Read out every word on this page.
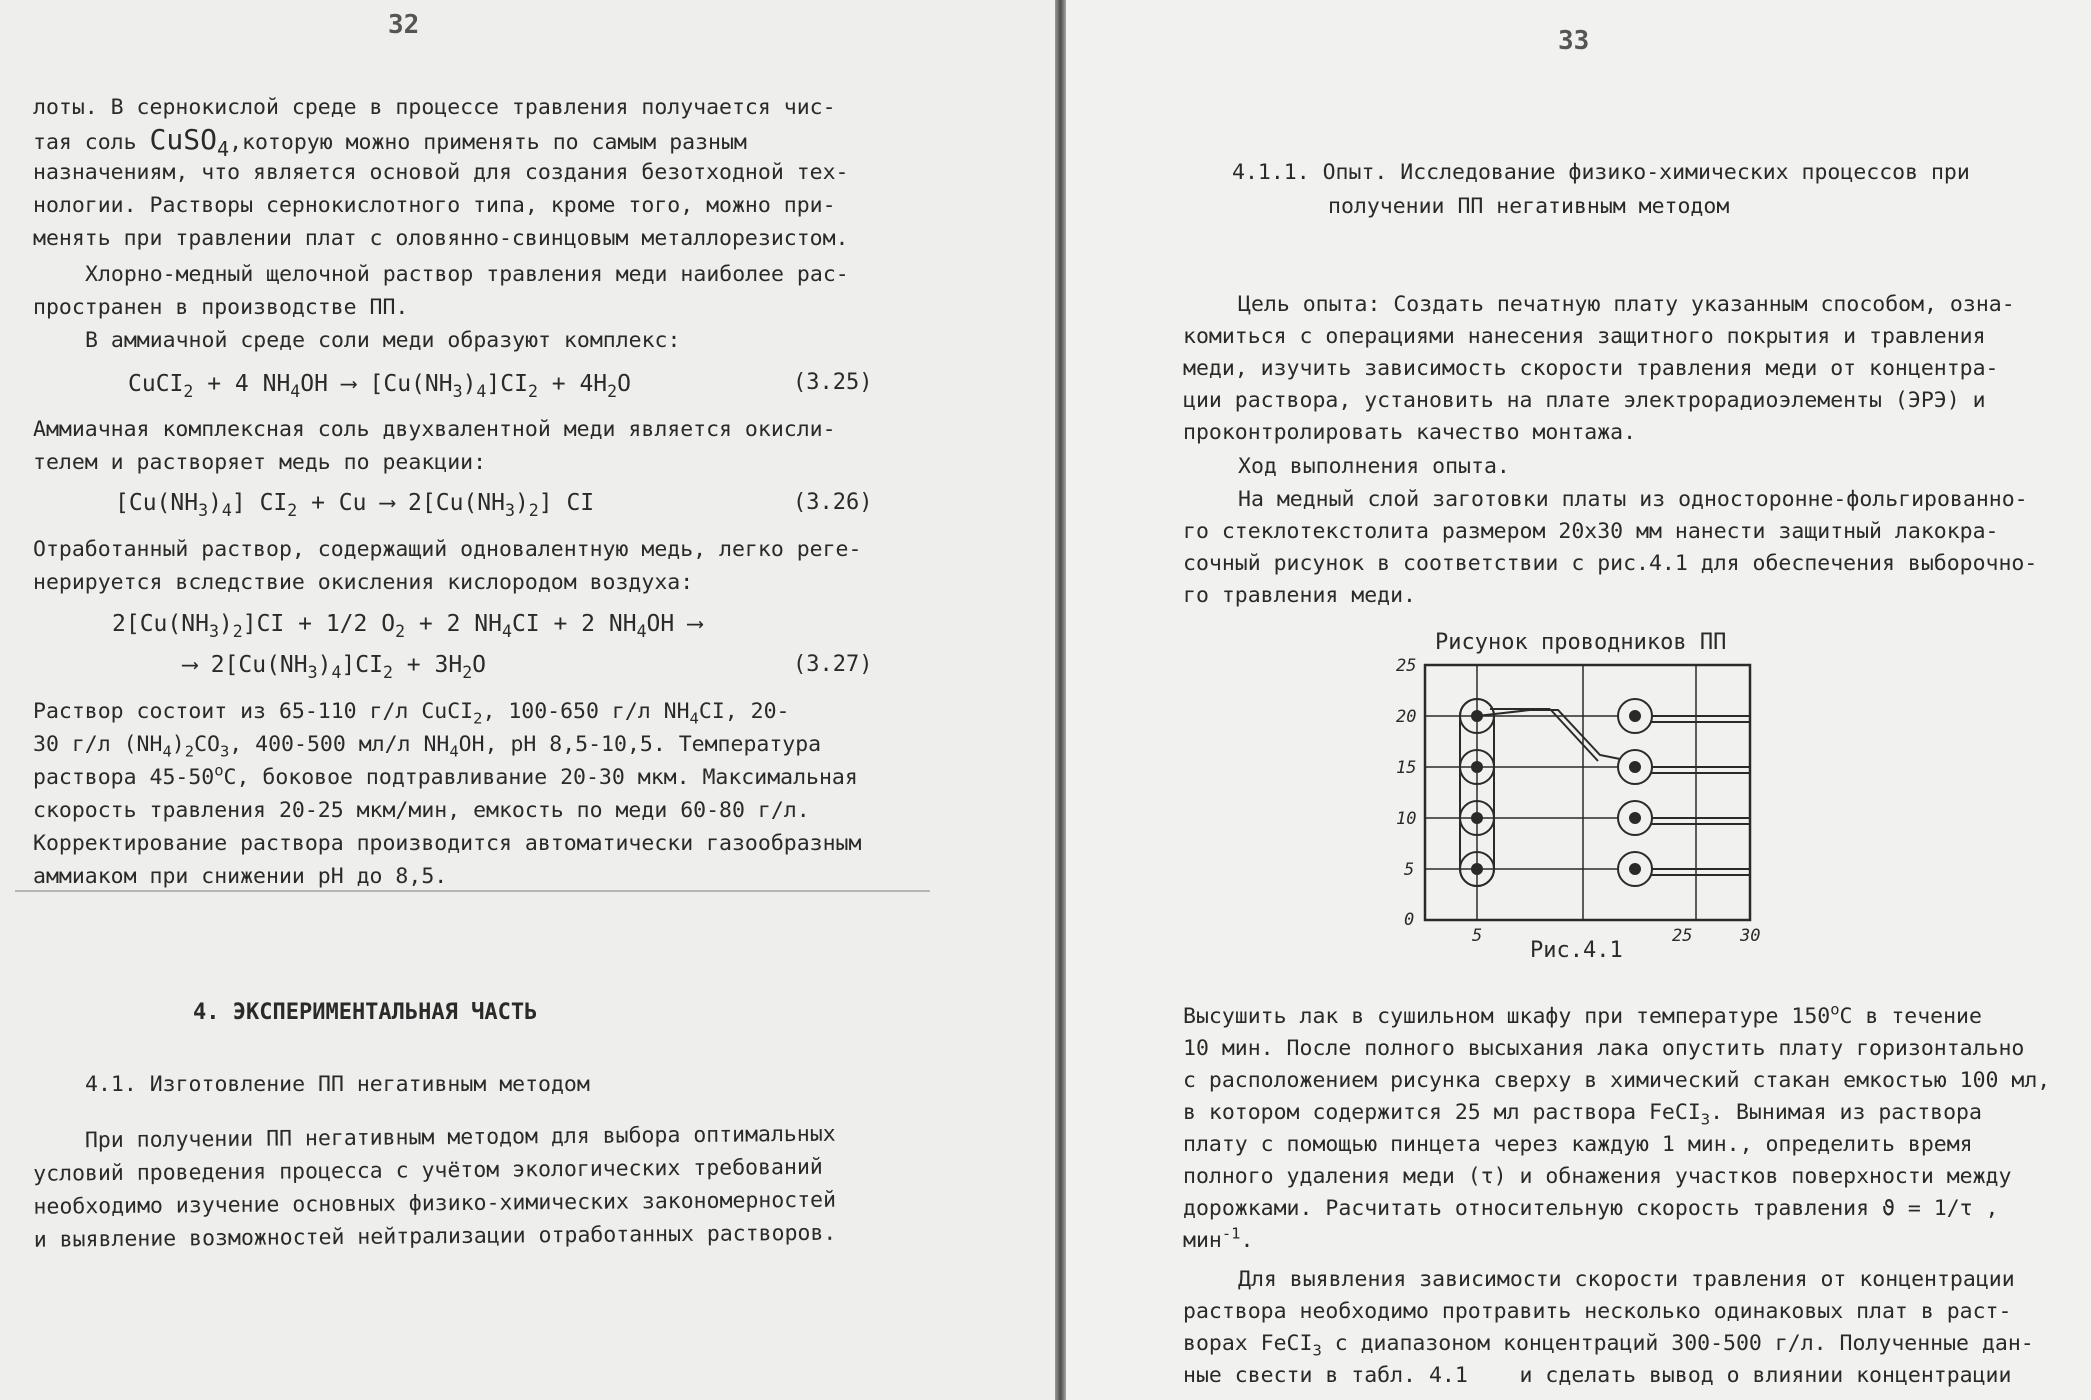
32
лоты. В сернокислой среде в процессе травления получается чис-
тая соль CuSO$_4$,которую можно применять по самым разным
назначениям, что является основой для создания безотходной тех-
нологии. Растворы сернокислотного типа, кроме того, можно при-
менять при травлении плат с оловянно-свинцовым металлорезистом.
Хлорно-медный щелочной раствор травления меди наиболее рас-
пространен в производстве ПП.
В аммиачной среде соли меди образуют комплекс:
CuCI$_2$ + 4 $NH_4OH$ ⟶ $[Cu(NH_3)_4]CI_2 + 4H_2O$	(3.25)
Аммиачная комплексная соль двухвалентной меди является окисли-
телем и растворяет медь по реакции:
$[Cu(NH_3)_4] CI_2 + Cu$ ⟶ $2[Cu(NH_3)_2]$ CI	(3.26)
Отработанный раствор, содержащий одновалентную медь, легко реге-
нерируется вследствие окисления кислородом воздуха:
$2[Cu(NH_3)_2]CI + 1/2$ $O_2 + 2$ $NH_4CI + 2$ $NH_4OH$ ⟶
⟶ $2[Cu(NH_3)_4]CI_2 + 3H_2O$	(3.27)
Раствор состоит из 65-110 г/л CuCI$_2$, 100-650 г/л $NH_4CI$, 20-
30 г/л $(NH_4)_2CO_3$, 400-500 мл/л $NH_4OH$, pH 8,5-10,5. Температура
раствора 45-50$^o$C, боковое подтравливание 20-30 мкм. Максимальная
скорость травления 20-25 мкм/мин, емкость по меди 60-80 г/л.
Корректирование раствора производится автоматически газообразным
аммиаком при снижении pH до 8,5.
4. ЭКСПЕРИМЕНТАЛЬНАЯ ЧАСТЬ
4.1. Изготовление ПП негативным методом
При получении ПП негативным методом для выбора оптимальных
условий проведения процесса с учётом экологических требований
необходимо изучение основных физико-химических закономерностей
и выявление возможностей нейтрализации отработанных растворов.
33
4.1.1. Опыт. Исследование физико-химических процессов при
получении ПП негативным методом
Цель опыта: Создать печатную плату указанным способом, озна-
комиться с операциями нанесения защитного покрытия и травления
меди, изучить зависимость скорости травления меди от концентра-
ции раствора, установить на плате электрорадиоэлементы (ЭРЭ) и
проконтролировать качество монтажа.
Ход выполнения опыта.
На медный слой заготовки платы из односторонне-фольгированно-
го стеклотекстолита размером 20х30 мм нанести защитный лакокра-
сочный рисунок в соответствии с рис.4.1 для обеспечения выборочно-
го травления меди.
Рисунок проводников ПП
25
20
15
10
5
0
5	25	30
Рис.4.1
Высушить лак в сушильном шкафу при температуре 150$^o$C в течение
10 мин. После полного высыхания лака опустить плату горизонтально
с расположением рисунка сверху в химический стакан емкостью 100 мл,
в котором содержится 25 мл раствора FeCI$_3$. Вынимая из раствора
плату с помощью пинцета через каждую 1 мин., определить время
полного удаления меди (τ) и обнажения участков поверхности между
дорожками. Расчитать относительную скорость травления ϑ = 1/τ ,
мин$^{-1}$.
Для выявления зависимости скорости травления от концентрации
раствора необходимо протравить несколько одинаковых плат в раст-
ворах FeCI$_3$ с диапазоном концентраций 300-500 г/л. Полученные дан-
ные свести в табл. 4.1    и сделать вывод о влиянии концентрации
